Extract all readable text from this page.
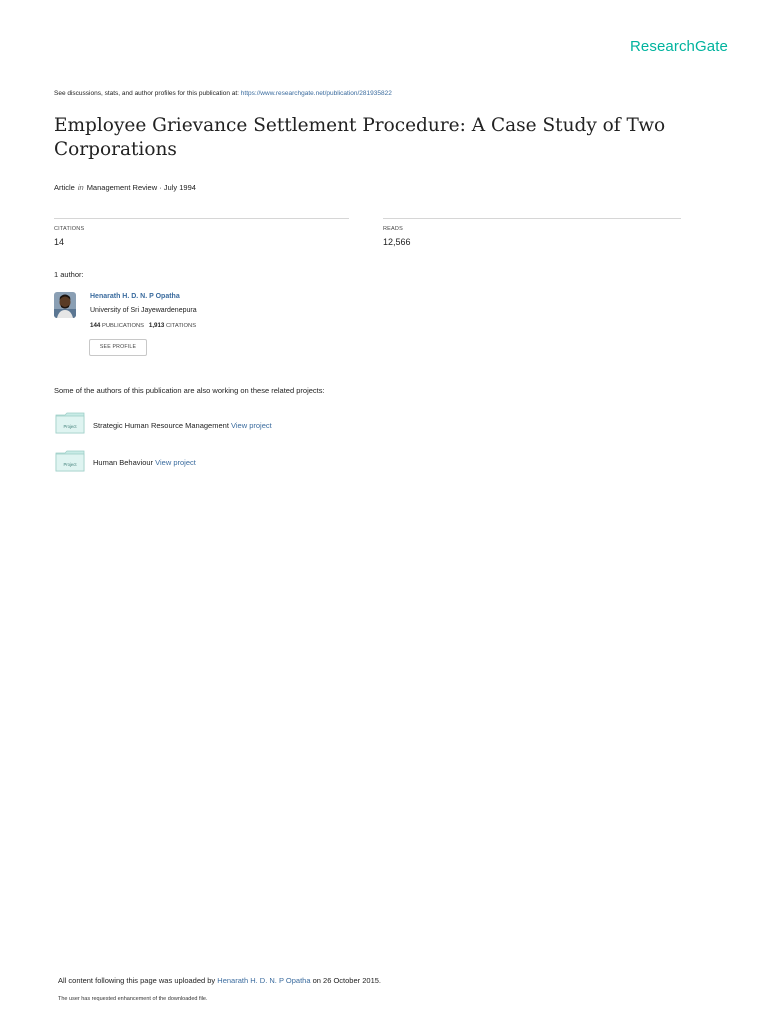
ResearchGate
See discussions, stats, and author profiles for this publication at: https://www.researchgate.net/publication/281935822
Employee Grievance Settlement Procedure: A Case Study of Two Corporations
Article in Management Review · July 1994
CITATIONS
14
READS
12,566
1 author:
Henarath H. D. N. P Opatha
University of Sri Jayewardenepura
144 PUBLICATIONS 1,913 CITATIONS
SEE PROFILE
Some of the authors of this publication are also working on these related projects:
Project Strategic Human Resource Management View project
Project Human Behaviour View project
All content following this page was uploaded by Henarath H. D. N. P Opatha on 26 October 2015.
The user has requested enhancement of the downloaded file.
